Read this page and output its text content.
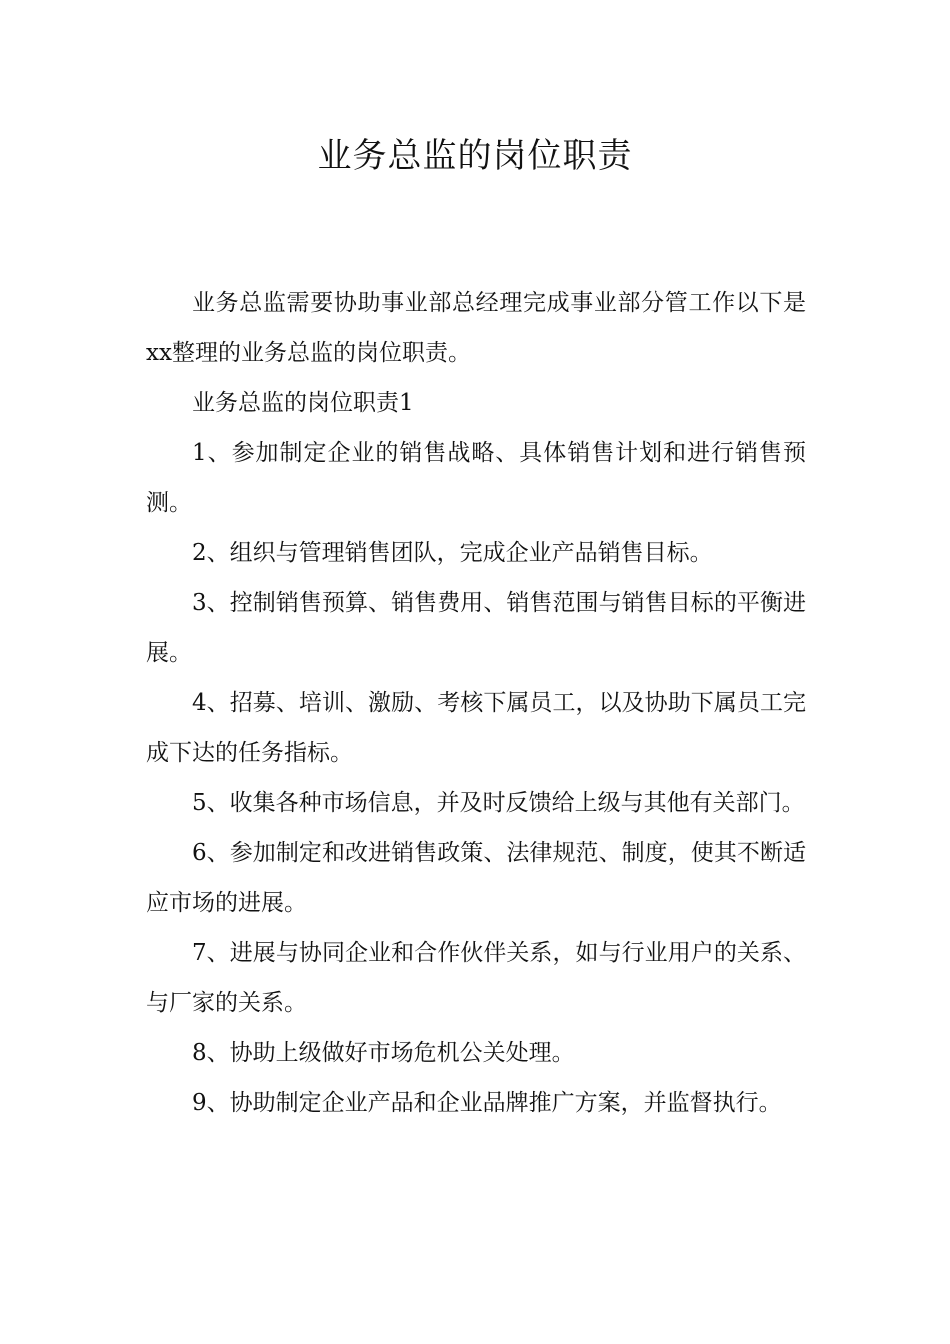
业务总监的岗位职责

业务总监需要协助事业部总经理完成事业部分管工作以下是xx整理的业务总监的岗位职责。

业务总监的岗位职责1

1、参加制定企业的销售战略、具体销售计划和进行销售预测。

2、组织与管理销售团队，完成企业产品销售目标。

3、控制销售预算、销售费用、销售范围与销售目标的平衡进展。

4、招募、培训、激励、考核下属员工，以及协助下属员工完成下达的任务指标。

5、收集各种市场信息，并及时反馈给上级与其他有关部门。

6、参加制定和改进销售政策、法律规范、制度，使其不断适应市场的进展。

7、进展与协同企业和合作伙伴关系，如与行业用户的关系、与厂家的关系。

8、协助上级做好市场危机公关处理。

9、协助制定企业产品和企业品牌推广方案，并监督执行。
